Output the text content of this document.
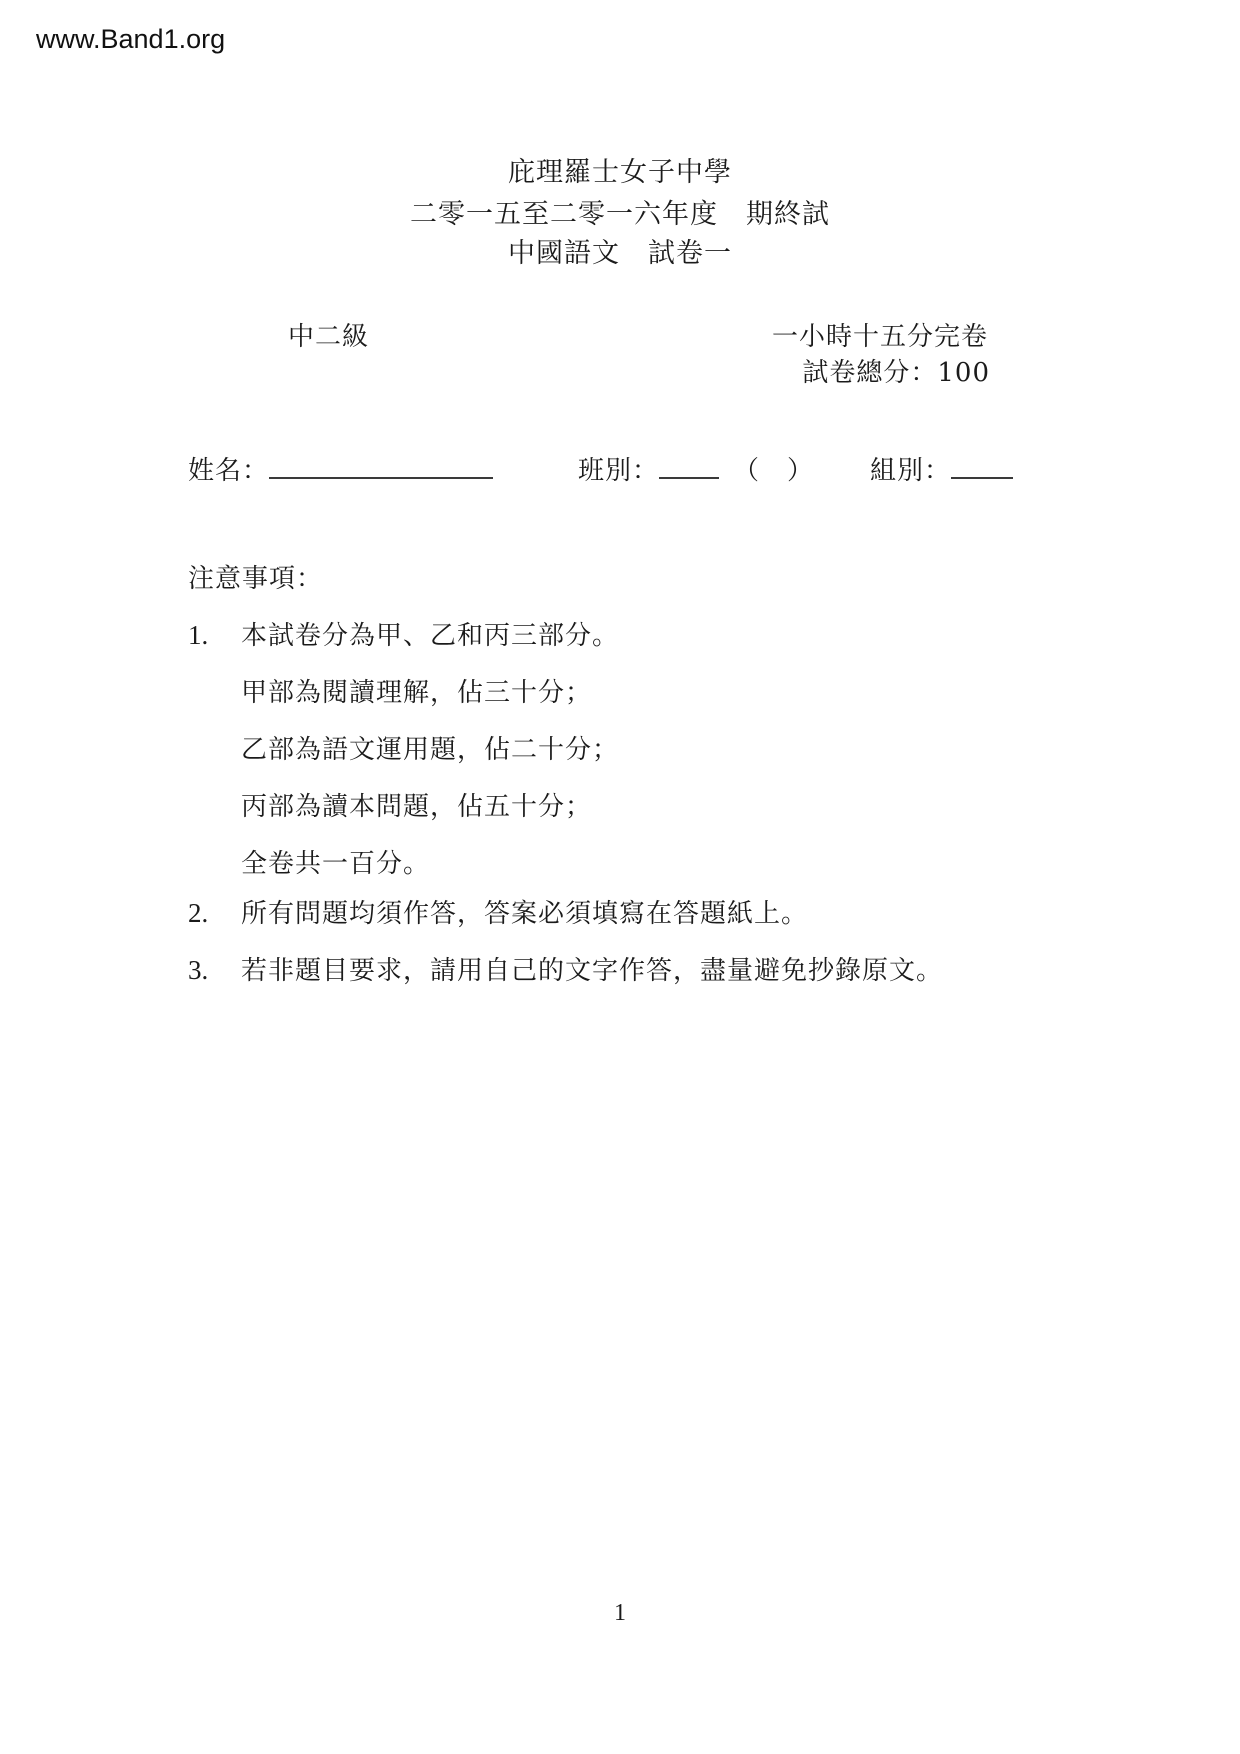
www.Band1.org
庇理羅士女子中學
二零一五至二零一六年度　期終試
中國語文　試卷一
中二級	一小時十五分完卷
試卷總分：100
姓名：	班別：	（　） 組別：
注意事項：
1. 本試卷分為甲、乙和丙三部分。
甲部為閱讀理解，佔三十分；
乙部為語文運用題，佔二十分；
丙部為讀本問題，佔五十分；
全卷共一百分。
2. 所有問題均須作答，答案必須填寫在答題紙上。
3. 若非題目要求，請用自己的文字作答，盡量避免抄錄原文。
1
